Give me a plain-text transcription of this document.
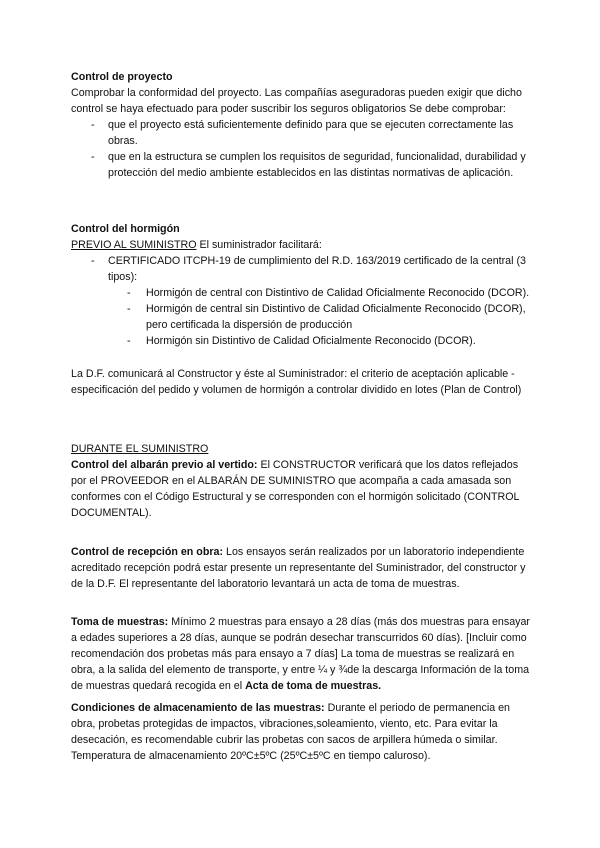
Control de proyecto

Comprobar la conformidad del proyecto. Las compañías aseguradoras pueden exigir que dicho control se haya efectuado para poder suscribir los seguros obligatorios Se debe comprobar:

- que el proyecto está suficientemente definido para que se ejecuten correctamente las obras.
- que en la estructura se cumplen los requisitos de seguridad, funcionalidad, durabilidad y protección del medio ambiente establecidos en las distintas normativas de aplicación.

Control del hormigón

PREVIO AL SUMINISTRO El suministrador facilitará:

- CERTIFICADO ITCPH-19 de cumplimiento del R.D. 163/2019 certificado de la central (3 tipos):
- Hormigón de central con Distintivo de Calidad Oficialmente Reconocido (DCOR).
- Hormigón de central sin Distintivo de Calidad Oficialmente Reconocido (DCOR), pero certificada la dispersión de producción
- Hormigón sin Distintivo de Calidad Oficialmente Reconocido (DCOR).

La D.F. comunicará al Constructor y éste al Suministrador: el criterio de aceptación aplicable -especificación del pedido y volumen de hormigón a controlar dividido en lotes (Plan de Control)

DURANTE EL SUMINISTRO

Control del albarán previo al vertido: El CONSTRUCTOR verificará que los datos reflejados por el PROVEEDOR en el ALBARÁN DE SUMINISTRO que acompaña a cada amasada son conformes con el Código Estructural y se corresponden con el hormigón solicitado (CONTROL DOCUMENTAL).

Control de recepción en obra: Los ensayos serán realizados por un laboratorio independiente acreditado recepción podrá estar presente un representante del Suministrador, del constructor y de la D.F. El representante del laboratorio levantará un acta de toma de muestras.

Toma de muestras: Mínimo 2 muestras para ensayo a 28 días (más dos muestras para ensayar a edades superiores a 28 días, aunque se podrán desechar transcurridos 60 días). [Incluir como recomendación dos probetas más para ensayo a 7 días] La toma de muestras se realizará en obra, a la salida del elemento de transporte, y entre ¼ y ¾de la descarga Información de la toma de muestras quedará recogida en el Acta de toma de muestras.

Condiciones de almacenamiento de las muestras: Durante el periodo de permanencia en obra, probetas protegidas de impactos, vibraciones,soleamiento, viento, etc. Para evitar la desecación, es recomendable cubrir las probetas con sacos de arpillera húmeda o similar. Temperatura de almacenamiento 20ºC±5ºC (25ºC±5ºC en tiempo caluroso).
